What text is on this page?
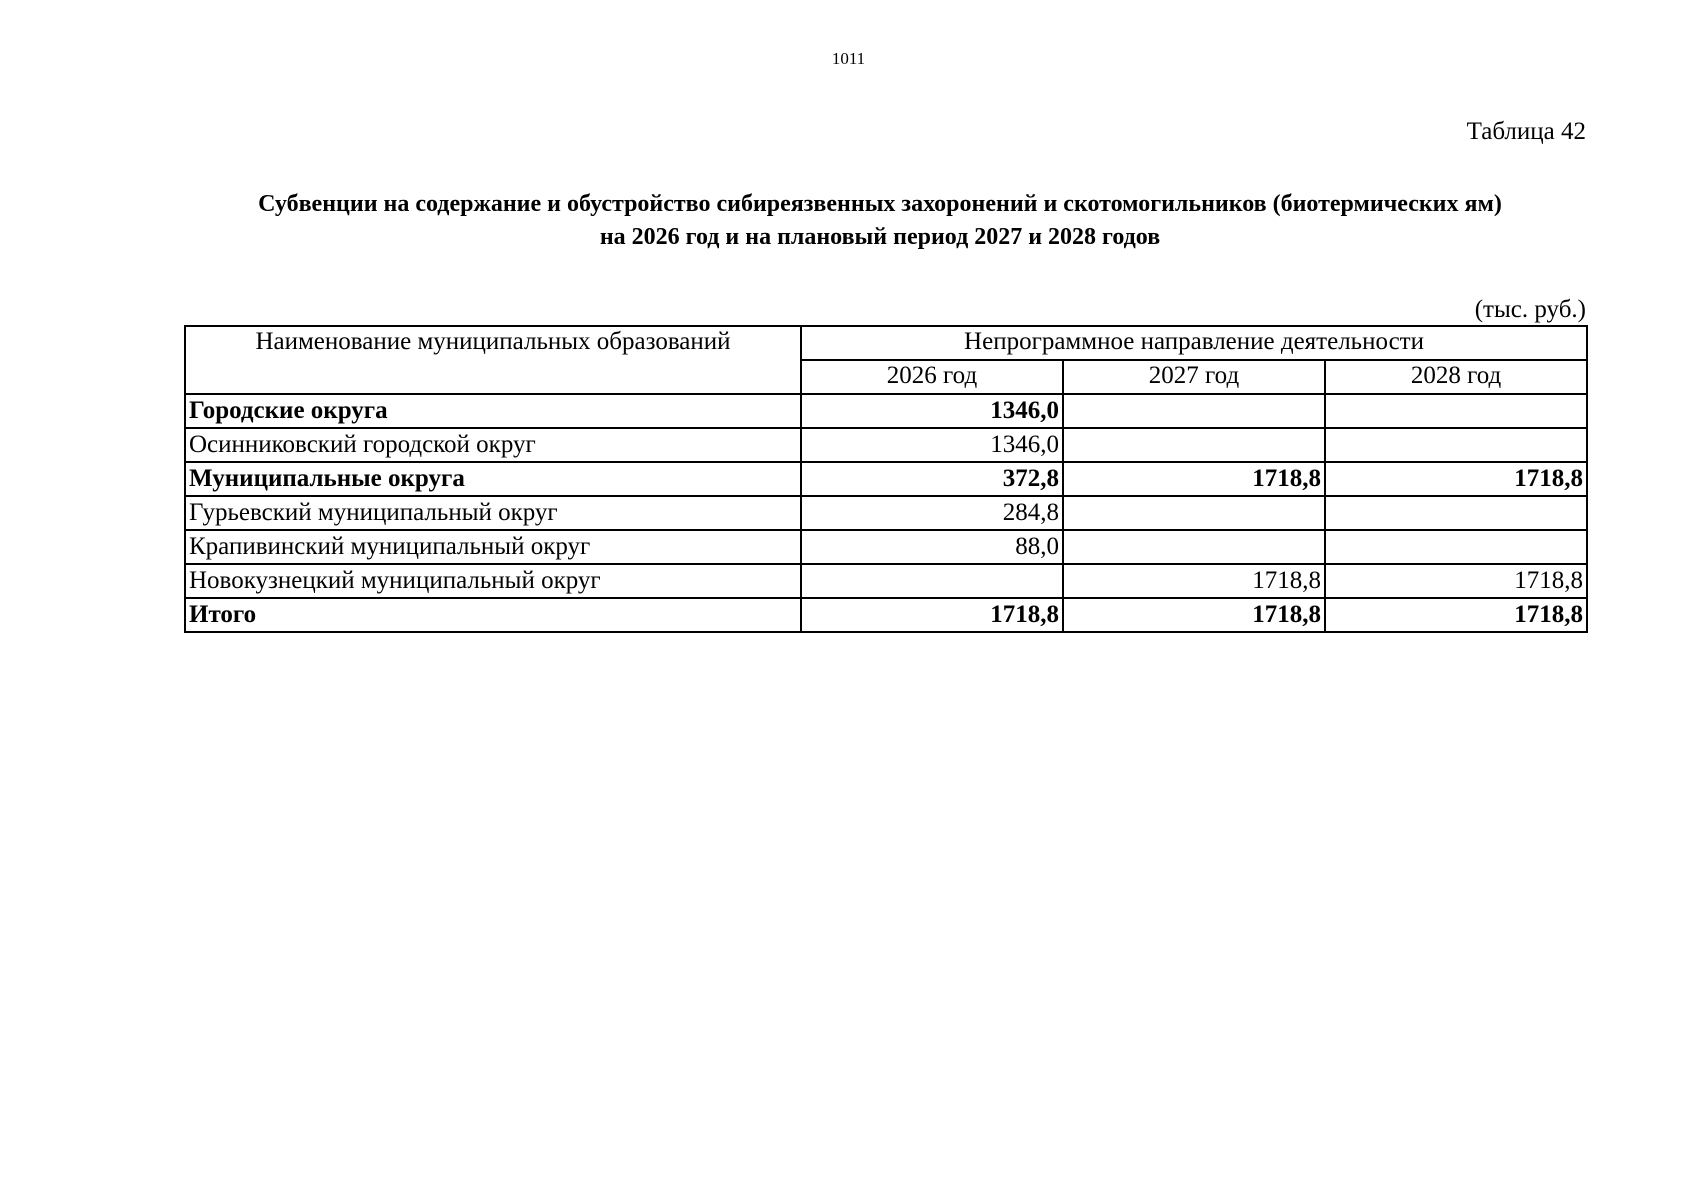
1011
Таблица 42
Субвенции на содержание и обустройство сибиреязвенных захоронений и скотомогильников (биотермических ям)
на 2026 год и на плановый период 2027 и 2028 годов
(тыс. руб.)
Наименование муниципальных образований	Непрограммное направление деятельности		
	2026 год	2027 год	2028 год
Городские округа	1346,0		
Осинниковский городской округ	1346,0		
Муниципальные округа	372,8	1718,8	1718,8
Гурьевский муниципальный округ	284,8		
Крапивинский муниципальный округ	88,0		
Новокузнецкий муниципальный округ		1718,8	1718,8
Итого	1718,8	1718,8	1718,8
